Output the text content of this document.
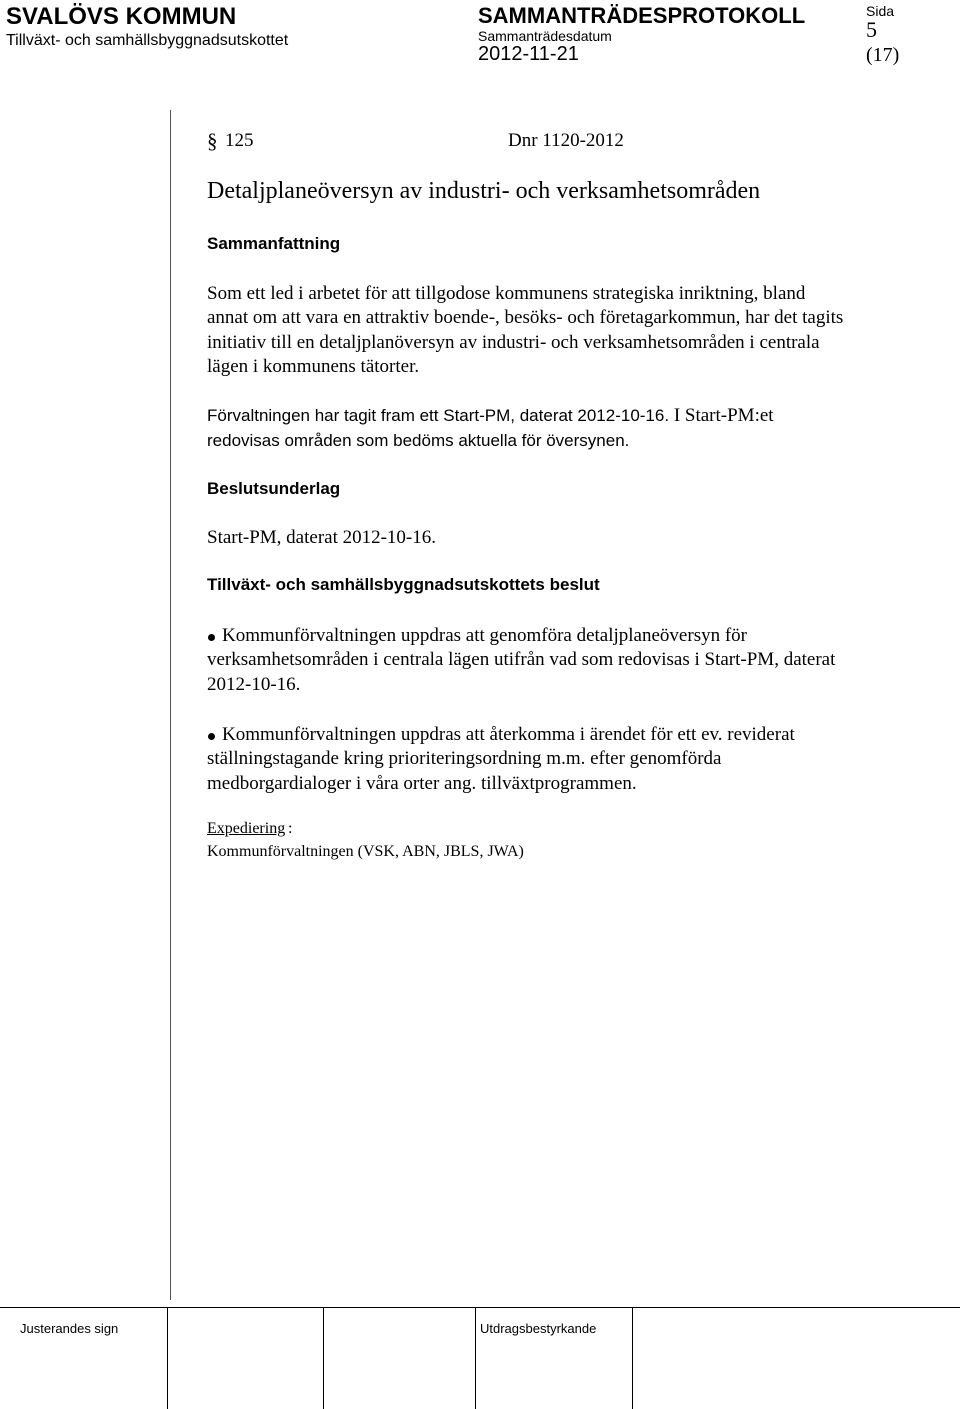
SVALÖVS KOMMUN
Tillväxt- och samhällsbyggnadsutskottet
SAMMANTRÄDESPROTOKOLL
Sammanträdesdatum
2012-11-21
Sida
5
(17)
§ 125	Dnr 1120-2012
Detaljplaneöversyn av industri- och verksamhetsområden
Sammanfattning
Som ett led i arbetet för att tillgodose kommunens strategiska inriktning, bland
annat om att vara en attraktiv boende-, besöks- och företagarkommun, har det tagits
initiativ till en detaljplanöversyn av industri- och verksamhetsområden i centrala
lägen i kommunens tätorter.
Förvaltningen har tagit fram ett Start-PM, daterat 2012-10-16. I Start-PM:et
redovisas områden som bedöms aktuella för översynen.
Beslutsunderlag
Start-PM, daterat 2012-10-16.
Tillväxt- och samhällsbyggnadsutskottets beslut
Kommunförvaltningen uppdras att genomföra detaljplaneöversyn för
verksamhetsområden i centrala lägen utifrån vad som redovisas i Start-PM, daterat
2012-10-16.
Kommunförvaltningen uppdras att återkomma i ärendet för ett ev. reviderat
ställningstagande kring prioriteringsordning m.m. efter genomförda
medborgardialoger i våra orter ang. tillväxtprogrammen.
Expediering :
Kommunförvaltningen (VSK, ABN, JBLS, JWA)
Justerandes sign	Utdragsbestyrkande
